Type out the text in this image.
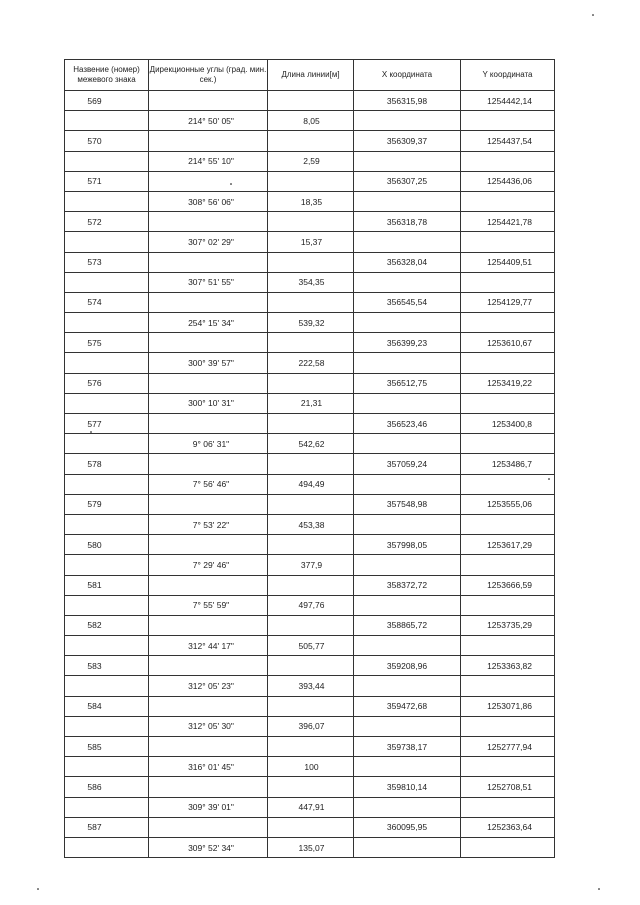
Назвение (номер) межевого знака	Дирекционные углы (град. мин. сек.)	Длина линии[м]	X координата	Y координата
569			356315,98	1254442,14
	214° 50' 05"	8,05		
570			356309,37	1254437,54
	214° 55' 10"	2,59		
571			356307,25	1254436,06
	308° 56' 06"	18,35		
572			356318,78	1254421,78
	307° 02' 29"	15,37		
573			356328,04	1254409,51
	307° 51' 55"	354,35		
574			356545,54	1254129,77
	254° 15' 34"	539,32		
575			356399,23	1253610,67
	300° 39' 57"	222,58		
576			356512,75	1253419,22
	300° 10' 31"	21,31		
577			356523,46	1253400,8
	9° 06' 31"	542,62		
578			357059,24	1253486,7
	7° 56' 46"	494,49		
579			357548,98	1253555,06
	7° 53' 22"	453,38		
580			357998,05	1253617,29
	7° 29' 46"	377,9		
581			358372,72	1253666,59
	7° 55' 59"	497,76		
582			358865,72	1253735,29
	312° 44' 17"	505,77		
583			359208,96	1253363,82
	312° 05' 23"	393,44		
584			359472,68	1253071,86
	312° 05' 30"	396,07		
585			359738,17	1252777,94
	316° 01' 45"	100		
586			359810,14	1252708,51
	309° 39' 01"	447,91		
587			360095,95	1252363,64
	309° 52' 34"	135,07		
